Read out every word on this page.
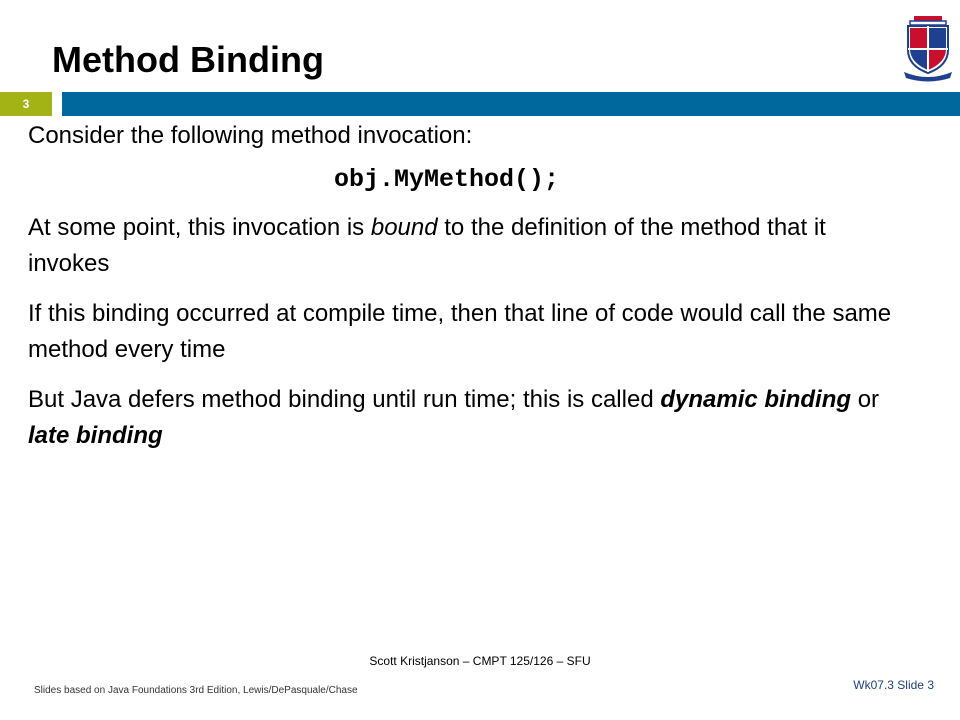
Method Binding
3

Consider the following method invocation:

obj.MyMethod();

At some point, this invocation is bound to the definition of the method that it invokes

If this binding occurred at compile time, then that line of code would call the same method every time

But Java defers method binding until run time; this is called dynamic binding or late binding

Scott Kristjanson – CMPT 125/126 – SFU
Slides based on Java Foundations 3rd Edition, Lewis/DePasquale/Chase	Wk07.3 Slide 3
